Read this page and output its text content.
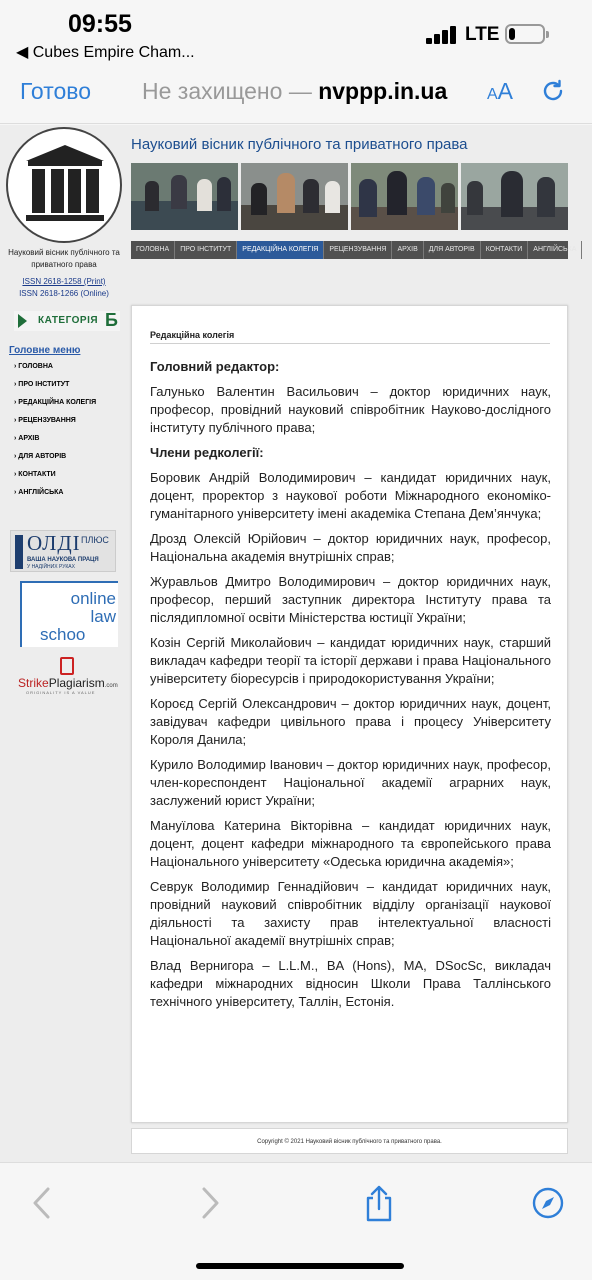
09:55
◀ Cubes Empire Cham...
LTE
Готово Не захищено — nvppp.in.ua AA
Науковий вісник публічного та приватного права
ISSN 2618-1258 (Print)
ISSN 2618-1266 (Online)
КАТЕГОРІЯ Б
Головне меню
› ГОЛОВНА
› ПРО ІНСТИТУТ
› РЕДАКЦІЙНА КОЛЕГІЯ
› РЕЦЕНЗУВАННЯ
› АРХІВ
› ДЛЯ АВТОРІВ
› КОНТАКТИ
› АНГЛІЙСЬКА
ОЛДІ ПЛЮС
ВАША НАУКОВА ПРАЦЯ
У НАДІЙНИХ РУКАХ
online
law
schoo
StrikePlagiarism.com
ORIGINALITY IS A VALUE
Науковий вісник публічного та приватного права
ГОЛОВНА	ПРО ІНСТИТУТ	РЕДАКЦІЙНА КОЛЕГІЯ	РЕЦЕНЗУВАННЯ	АРХІВ	ДЛЯ АВТОРІВ	КОНТАКТИ	АНГЛІЙСЬКА
Редакційна колегія
Головний редактор:
Галунько Валентин Васильович – доктор юридичних наук, професор, провідний науковий співробітник Науково-дослідного інституту публічного права;
Члени редколегії:
Боровик Андрій Володимирович – кандидат юридичних наук, доцент, проректор з наукової роботи Міжнародного економіко-гуманітарного університету імені академіка Степана Дем’янчука;
Дрозд Олексій Юрійович – доктор юридичних наук, професор, Національна академія внутрішніх справ;
Журавльов Дмитро Володимирович – доктор юридичних наук, професор, перший заступник директора Інституту права та післядипломної освіти Міністерства юстиції України;
Козін Сергій Миколайович – кандидат юридичних наук, старший викладач кафедри теорії та історії держави і права Національного університету біоресурсів і природокористування України;
Короєд Сергій Олександрович – доктор юридичних наук, доцент, завідувач кафедри цивільного права і процесу Університету Короля Данила;
Курило Володимир Іванович – доктор юридичних наук, професор, член-кореспондент Національної академії аграрних наук, заслужений юрист України;
Мануїлова Катерина Вікторівна – кандидат юридичних наук, доцент, доцент кафедри міжнародного та європейського права Національного університету «Одеська юридична академія»;
Севрук Володимир Геннадійович – кандидат юридичних наук, провідний науковий співробітник відділу організації наукової діяльності та захисту прав інтелектуальної власності Національної академії внутрішніх справ;
Влад Вернигора – L.L.M., BA (Hons), MA, DSocSc, викладач кафедри міжнародних відносин Школи Права Таллінського технічного університету, Таллін, Естонія.
Copyright © 2021 Науковий вісник публічного та приватного права.
